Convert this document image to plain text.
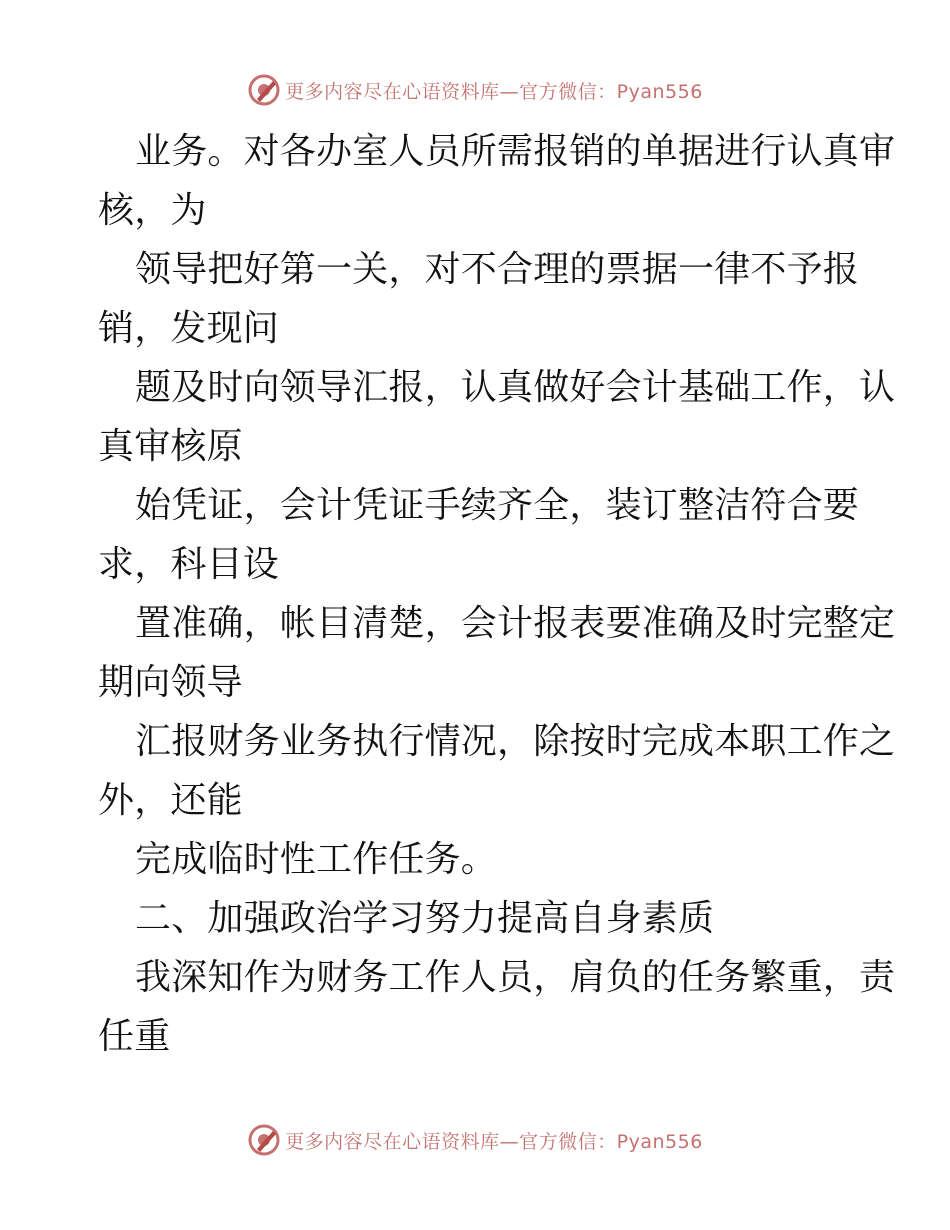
更多内容尽在心语资料库—官方微信：Pyan556
业务。对各办室人员所需报销的单据进行认真审
核，为
领导把好第一关，对不合理的票据一律不予报
销，发现问
题及时向领导汇报，认真做好会计基础工作，认
真审核原
始凭证，会计凭证手续齐全，装订整洁符合要
求，科目设
置准确，帐目清楚，会计报表要准确及时完整定
期向领导
汇报财务业务执行情况，除按时完成本职工作之
外，还能
完成临时性工作任务。
二、加强政治学习努力提高自身素质
我深知作为财务工作人员，肩负的任务繁重，责
任重
更多内容尽在心语资料库—官方微信：Pyan556
